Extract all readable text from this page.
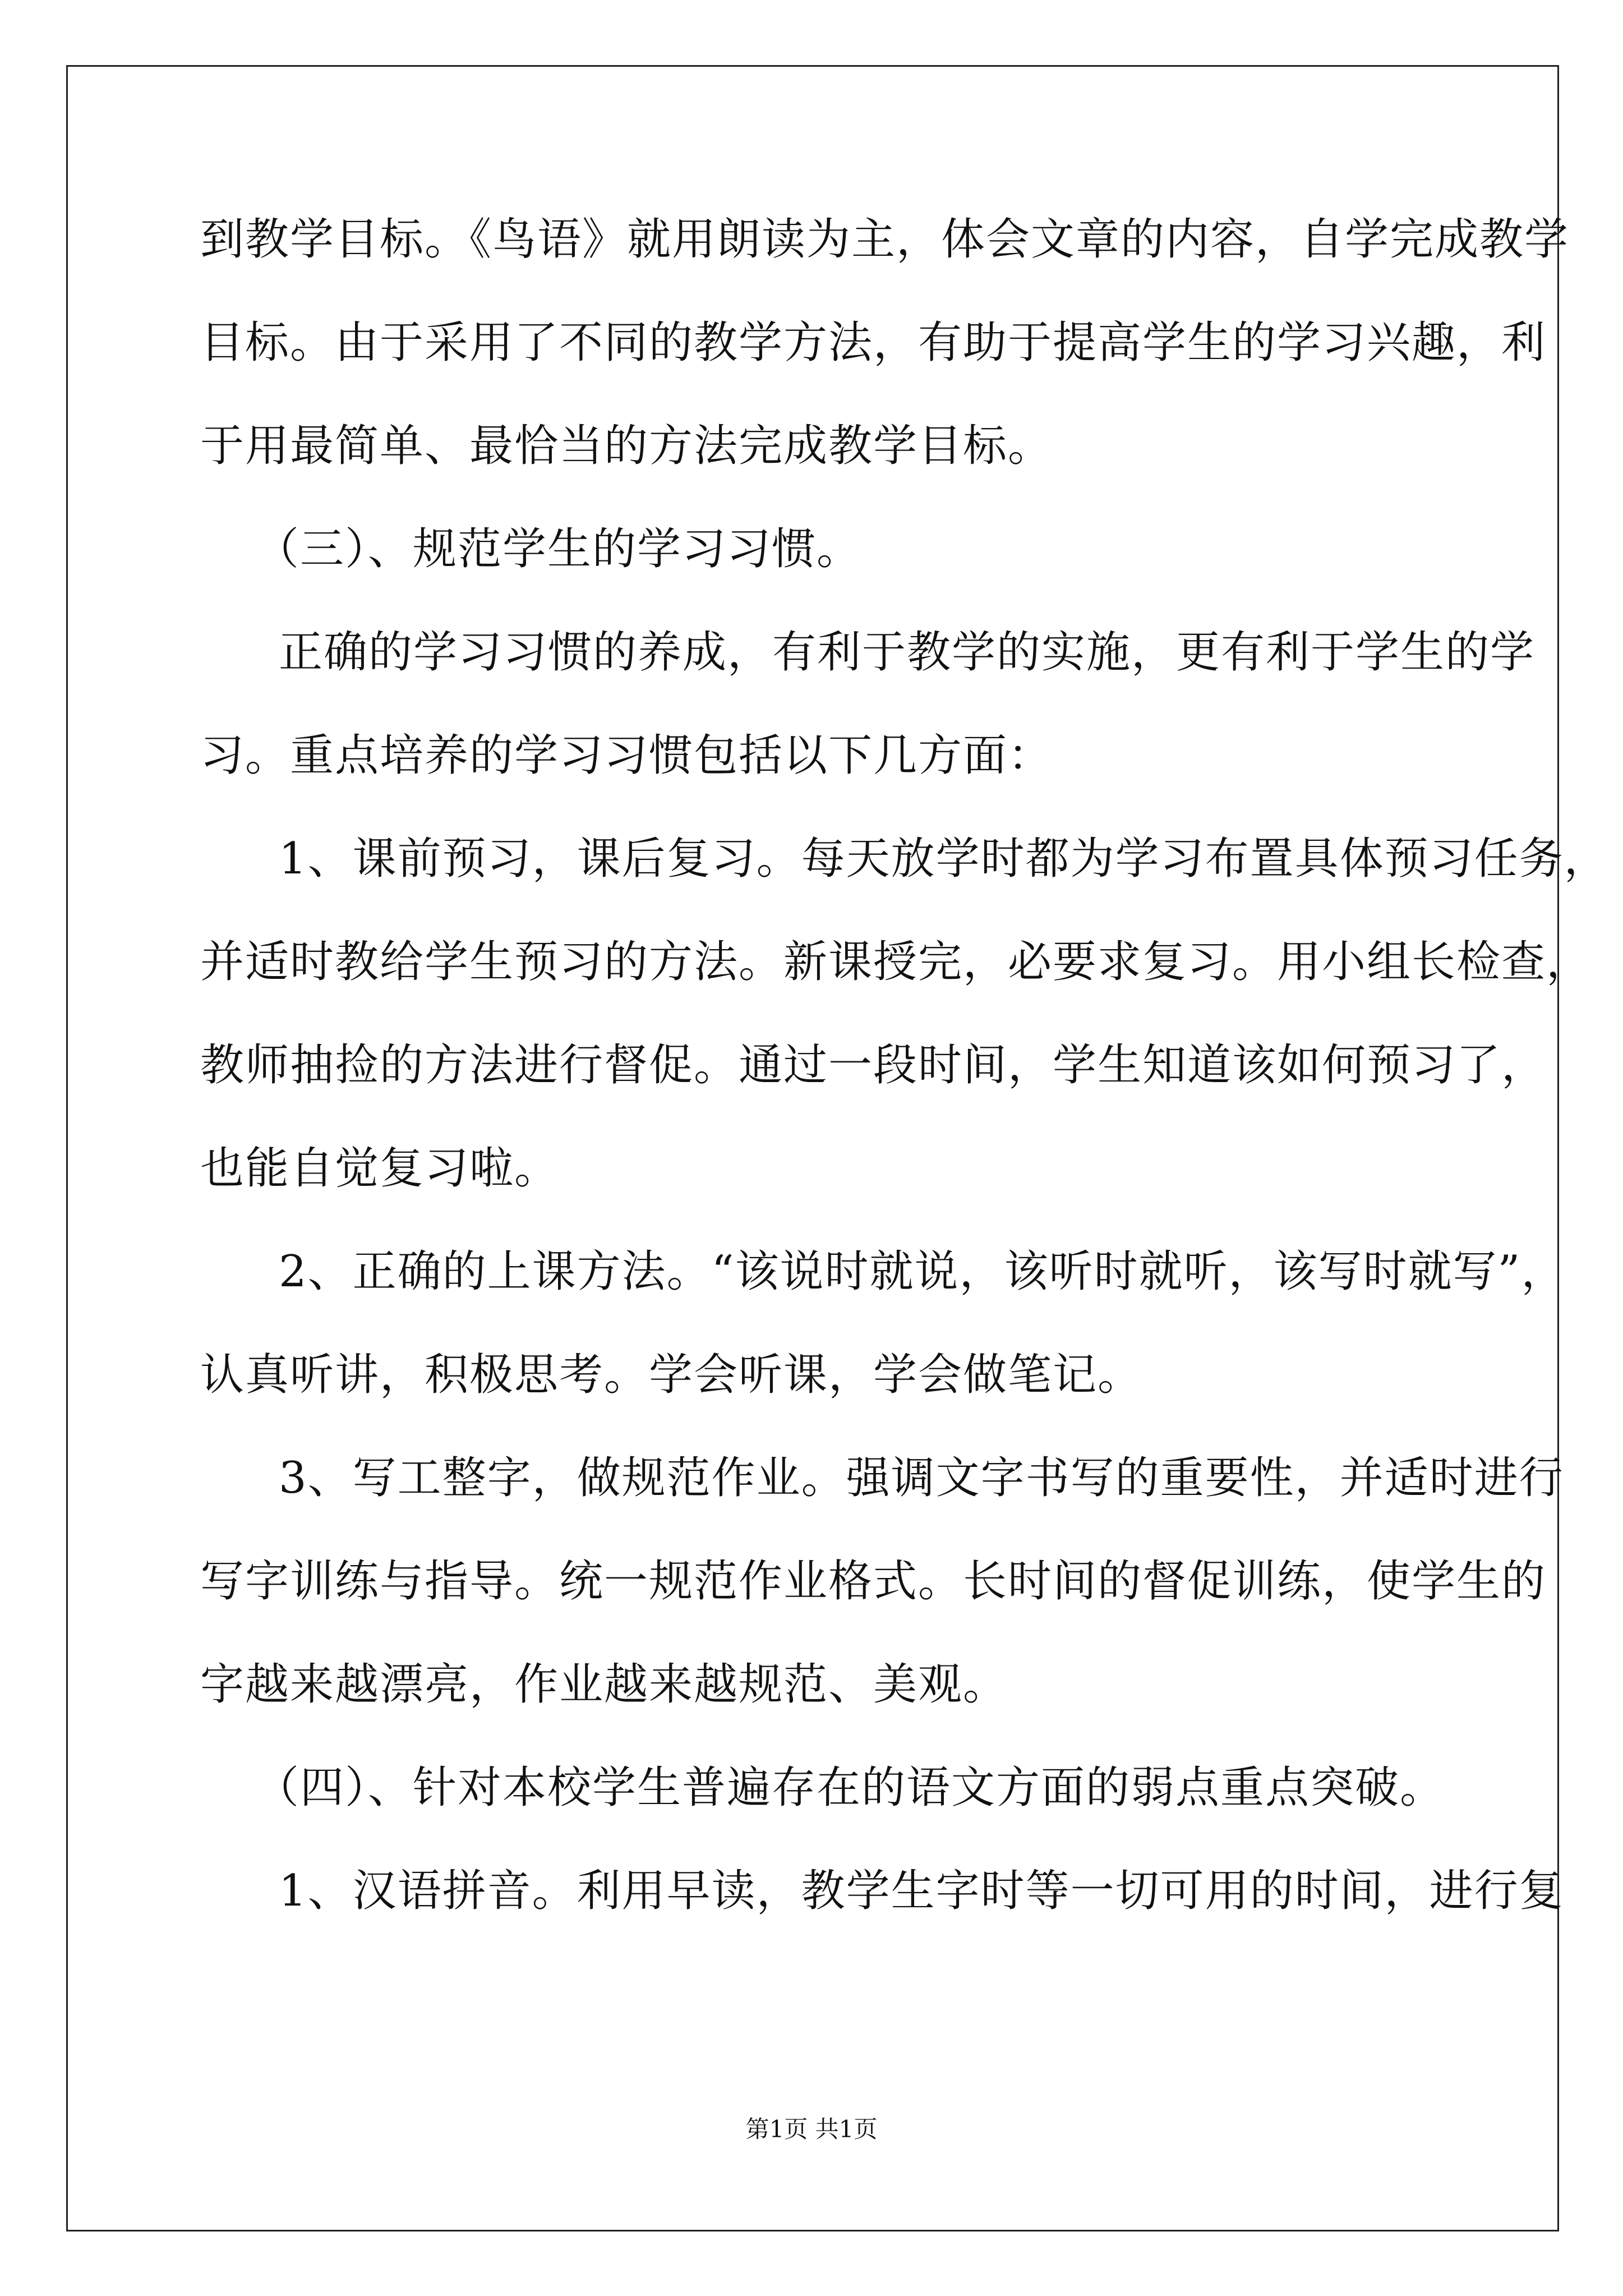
到教学目标。《鸟语》就用朗读为主，体会文章的内容，自学完成教学
目标。由于采用了不同的教学方法，有助于提高学生的学习兴趣，利
于用最简单、最恰当的方法完成教学目标。
（三）、规范学生的学习习惯。
正确的学习习惯的养成，有利于教学的实施，更有利于学生的学
习。重点培养的学习习惯包括以下几方面：
1、课前预习，课后复习。每天放学时都为学习布置具体预习任务，
并适时教给学生预习的方法。新课授完，必要求复习。用小组长检查，
教师抽捡的方法进行督促。通过一段时间，学生知道该如何预习了，
也能自觉复习啦。
2、正确的上课方法。“该说时就说，该听时就听，该写时就写”，
认真听讲，积极思考。学会听课，学会做笔记。
3、写工整字，做规范作业。强调文字书写的重要性，并适时进行
写字训练与指导。统一规范作业格式。长时间的督促训练，使学生的
字越来越漂亮，作业越来越规范、美观。
（四）、针对本校学生普遍存在的语文方面的弱点重点突破。
1、汉语拼音。利用早读，教学生字时等一切可用的时间，进行复
第1页 共1页
